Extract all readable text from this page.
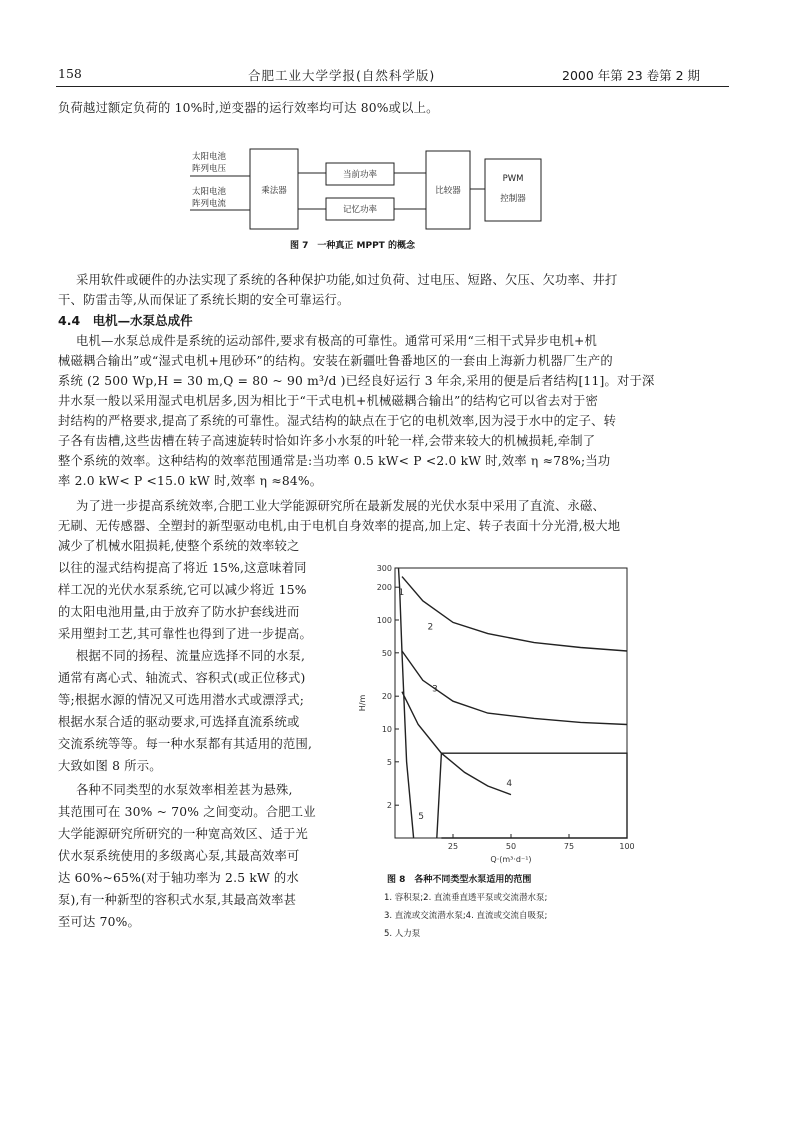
158	合肥工业大学学报(自然科学版)	2000 年第 23 卷第 2 期
负荷越过额定负荷的 10%时,逆变器的运行效率均可达 80%或以上。
太阳电池
阵列电压
太阳电池
阵列电流
乘法器
当前功率
记忆功率
比较器
PWM
控制器
图 7　一种真正 MPPT 的概念
采用软件或硬件的办法实现了系统的各种保护功能,如过负荷、过电压、短路、欠压、欠功率、井打
干、防雷击等,从而保证了系统长期的安全可靠运行。
4.4　电机—水泵总成件
电机—水泵总成件是系统的运动部件,要求有极高的可靠性。通常可采用“三相干式异步电机+机
械磁耦合输出”或“湿式电机+甩砂环”的结构。安装在新疆吐鲁番地区的一套由上海新力机器厂生产的
系统 (2 500 Wp,H = 30 m,Q = 80 ~ 90 m³/d )已经良好运行 3 年余,采用的便是后者结构[11]。对于深
井水泵一般以采用湿式电机居多,因为相比于“干式电机+机械磁耦合输出”的结构它可以省去对于密
封结构的严格要求,提高了系统的可靠性。湿式结构的缺点在于它的电机效率,因为浸于水中的定子、转
子各有齿槽,这些齿槽在转子高速旋转时恰如许多小水泵的叶轮一样,会带来较大的机械损耗,牵制了
整个系统的效率。这种结构的效率范围通常是:当功率 0.5 kW< P <2.0 kW 时,效率 η ≈78%;当功
率 2.0 kW< P <15.0 kW 时,效率 η ≈84%。
为了进一步提高系统效率,合肥工业大学能源研究所在最新发展的光伏水泵中采用了直流、永磁、
无刷、无传感器、全塑封的新型驱动电机,由于电机自身效率的提高,加上定、转子表面十分光滑,极大地
减少了机械水阻损耗,使整个系统的效率较之
以往的湿式结构提高了将近 15%,这意味着同
样工况的光伏水泵系统,它可以减少将近 15%
的太阳电池用量,由于放弃了防水护套线进而
采用塑封工艺,其可靠性也得到了进一步提高。
根据不同的扬程、流量应选择不同的水泵,
通常有离心式、轴流式、容积式(或正位移式)
等;根据水源的情况又可选用潜水式或漂浮式;
根据水泵合适的驱动要求,可选择直流系统或
交流系统等等。每一种水泵都有其适用的范围,
大致如图 8 所示。
各种不同类型的水泵效率相差甚为悬殊,
其范围可在 30% ~ 70% 之间变动。合肥工业
大学能源研究所研究的一种宽高效区、适于光
伏水泵系统使用的多级离心泵,其最高效率可
达 60%~65%(对于轴功率为 2.5 kW 的水
泵),有一种新型的容积式水泵,其最高效率甚
至可达 70%。
300
200
100
50
20
10
5
2
25	50	75	100
Q·(m³·d⁻¹)
H/m
1
2
3
4
5
图 8　各种不同类型水泵适用的范围
1. 容积泵;2. 直流垂直透平泵或交流潜水泵;
3. 直流或交流潜水泵;4. 直流或交流自吸泵;
5. 人力泵
